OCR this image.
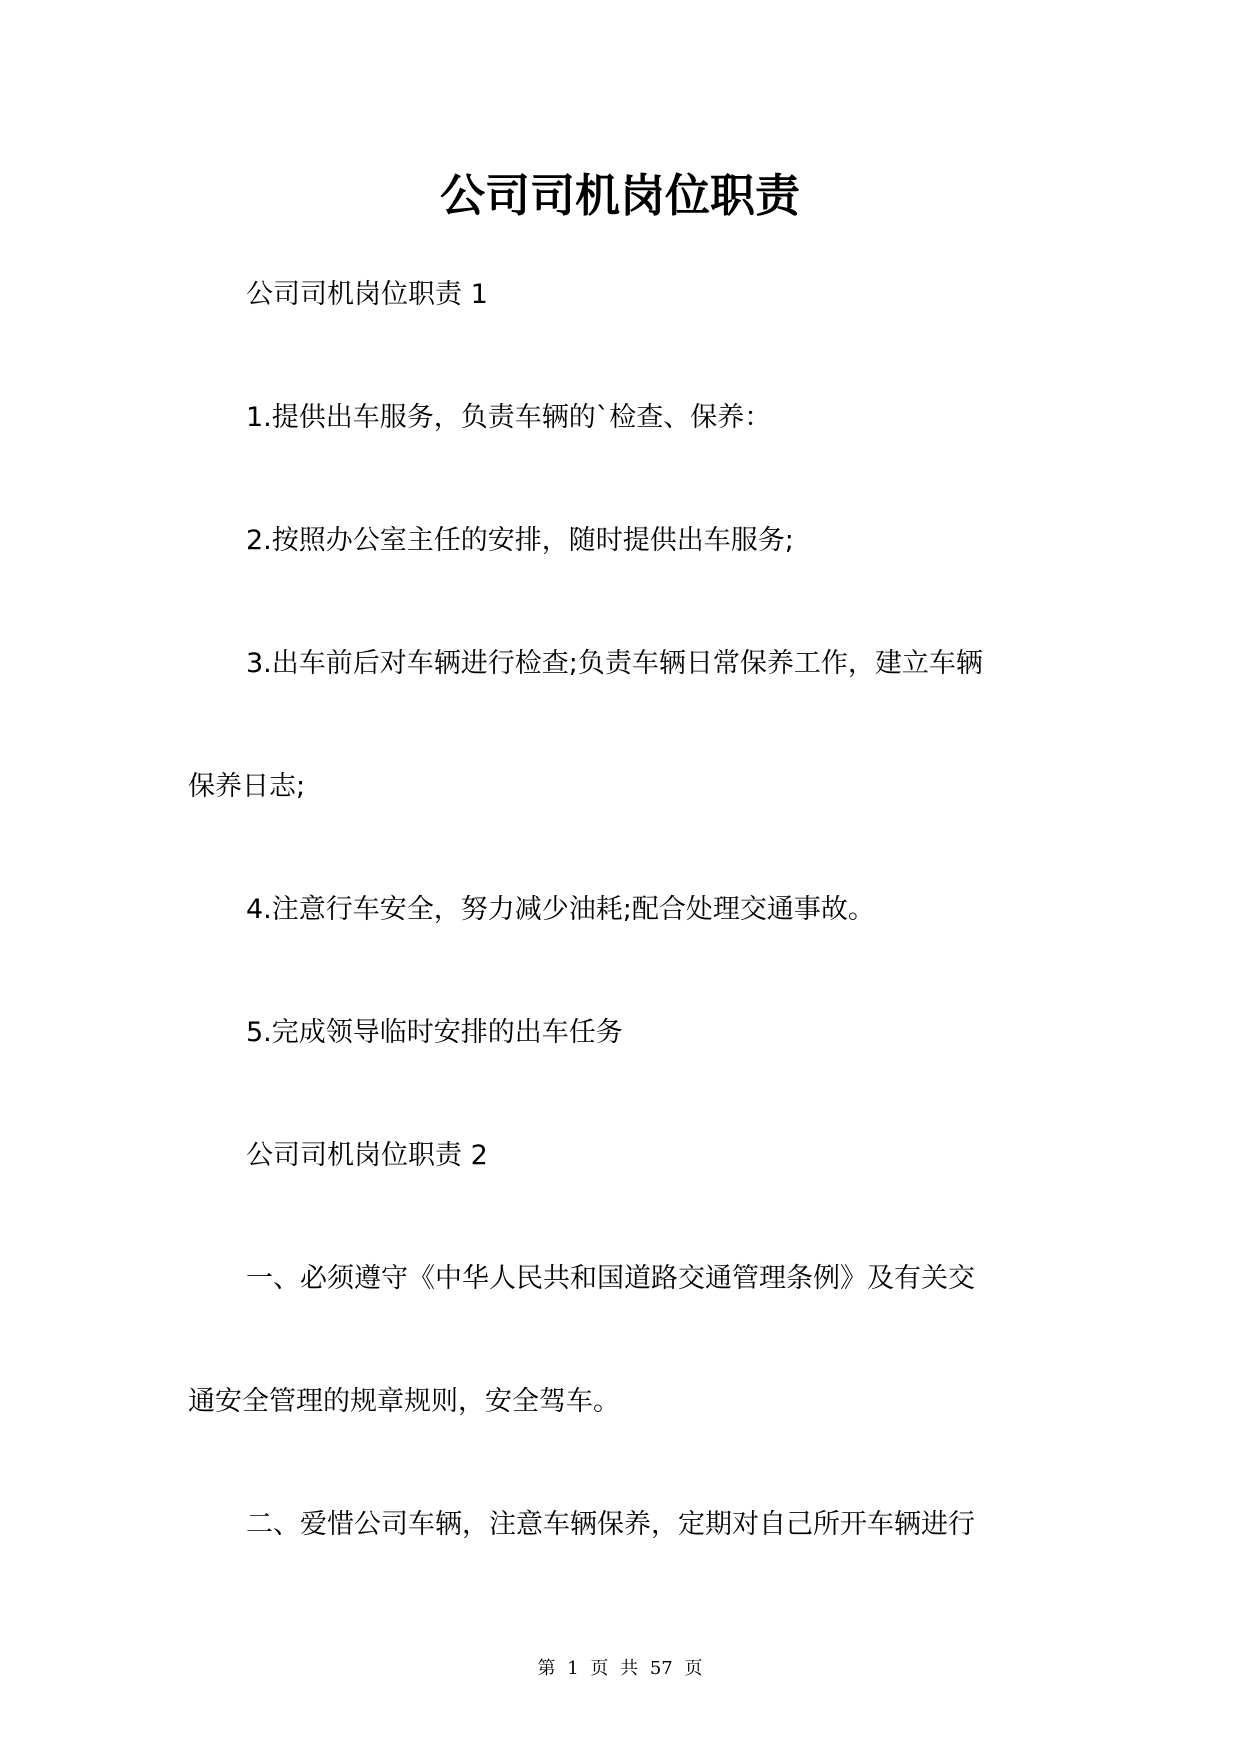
公司司机岗位职责

公司司机岗位职责 1

1.提供出车服务，负责车辆的`检查、保养：

2.按照办公室主任的安排，随时提供出车服务;

3.出车前后对车辆进行检查;负责车辆日常保养工作，建立车辆

保养日志;

4.注意行车安全，努力减少油耗;配合处理交通事故。

5.完成领导临时安排的出车任务

公司司机岗位职责 2

一、必须遵守《中华人民共和国道路交通管理条例》及有关交

通安全管理的规章规则，安全驾车。

二、爱惜公司车辆，注意车辆保养，定期对自己所开车辆进行

第 1 页 共 57 页
